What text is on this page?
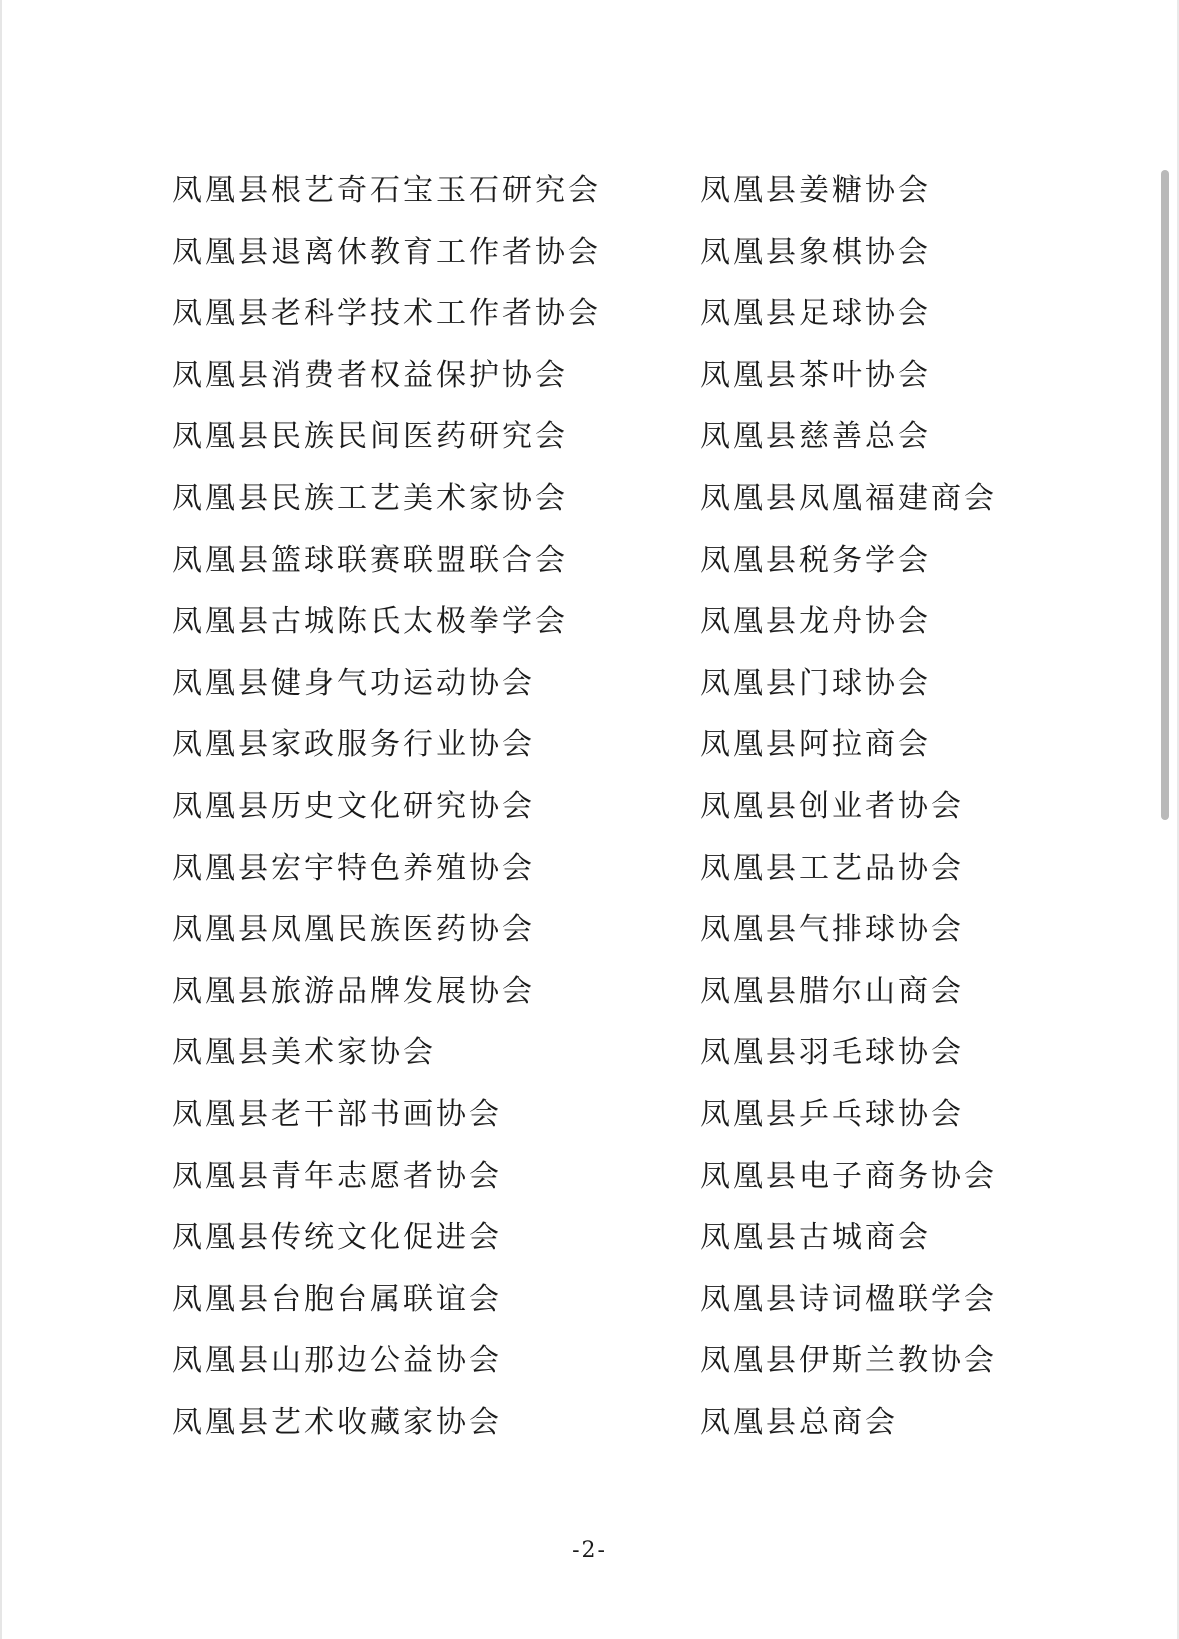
凤凰县根艺奇石宝玉石研究会
凤凰县退离休教育工作者协会
凤凰县老科学技术工作者协会
凤凰县消费者权益保护协会
凤凰县民族民间医药研究会
凤凰县民族工艺美术家协会
凤凰县篮球联赛联盟联合会
凤凰县古城陈氏太极拳学会
凤凰县健身气功运动协会
凤凰县家政服务行业协会
凤凰县历史文化研究协会
凤凰县宏宇特色养殖协会
凤凰县凤凰民族医药协会
凤凰县旅游品牌发展协会
凤凰县美术家协会
凤凰县老干部书画协会
凤凰县青年志愿者协会
凤凰县传统文化促进会
凤凰县台胞台属联谊会
凤凰县山那边公益协会
凤凰县艺术收藏家协会
凤凰县姜糖协会
凤凰县象棋协会
凤凰县足球协会
凤凰县茶叶协会
凤凰县慈善总会
凤凰县凤凰福建商会
凤凰县税务学会
凤凰县龙舟协会
凤凰县门球协会
凤凰县阿拉商会
凤凰县创业者协会
凤凰县工艺品协会
凤凰县气排球协会
凤凰县腊尔山商会
凤凰县羽毛球协会
凤凰县乒乓球协会
凤凰县电子商务协会
凤凰县古城商会
凤凰县诗词楹联学会
凤凰县伊斯兰教协会
凤凰县总商会
-2-
